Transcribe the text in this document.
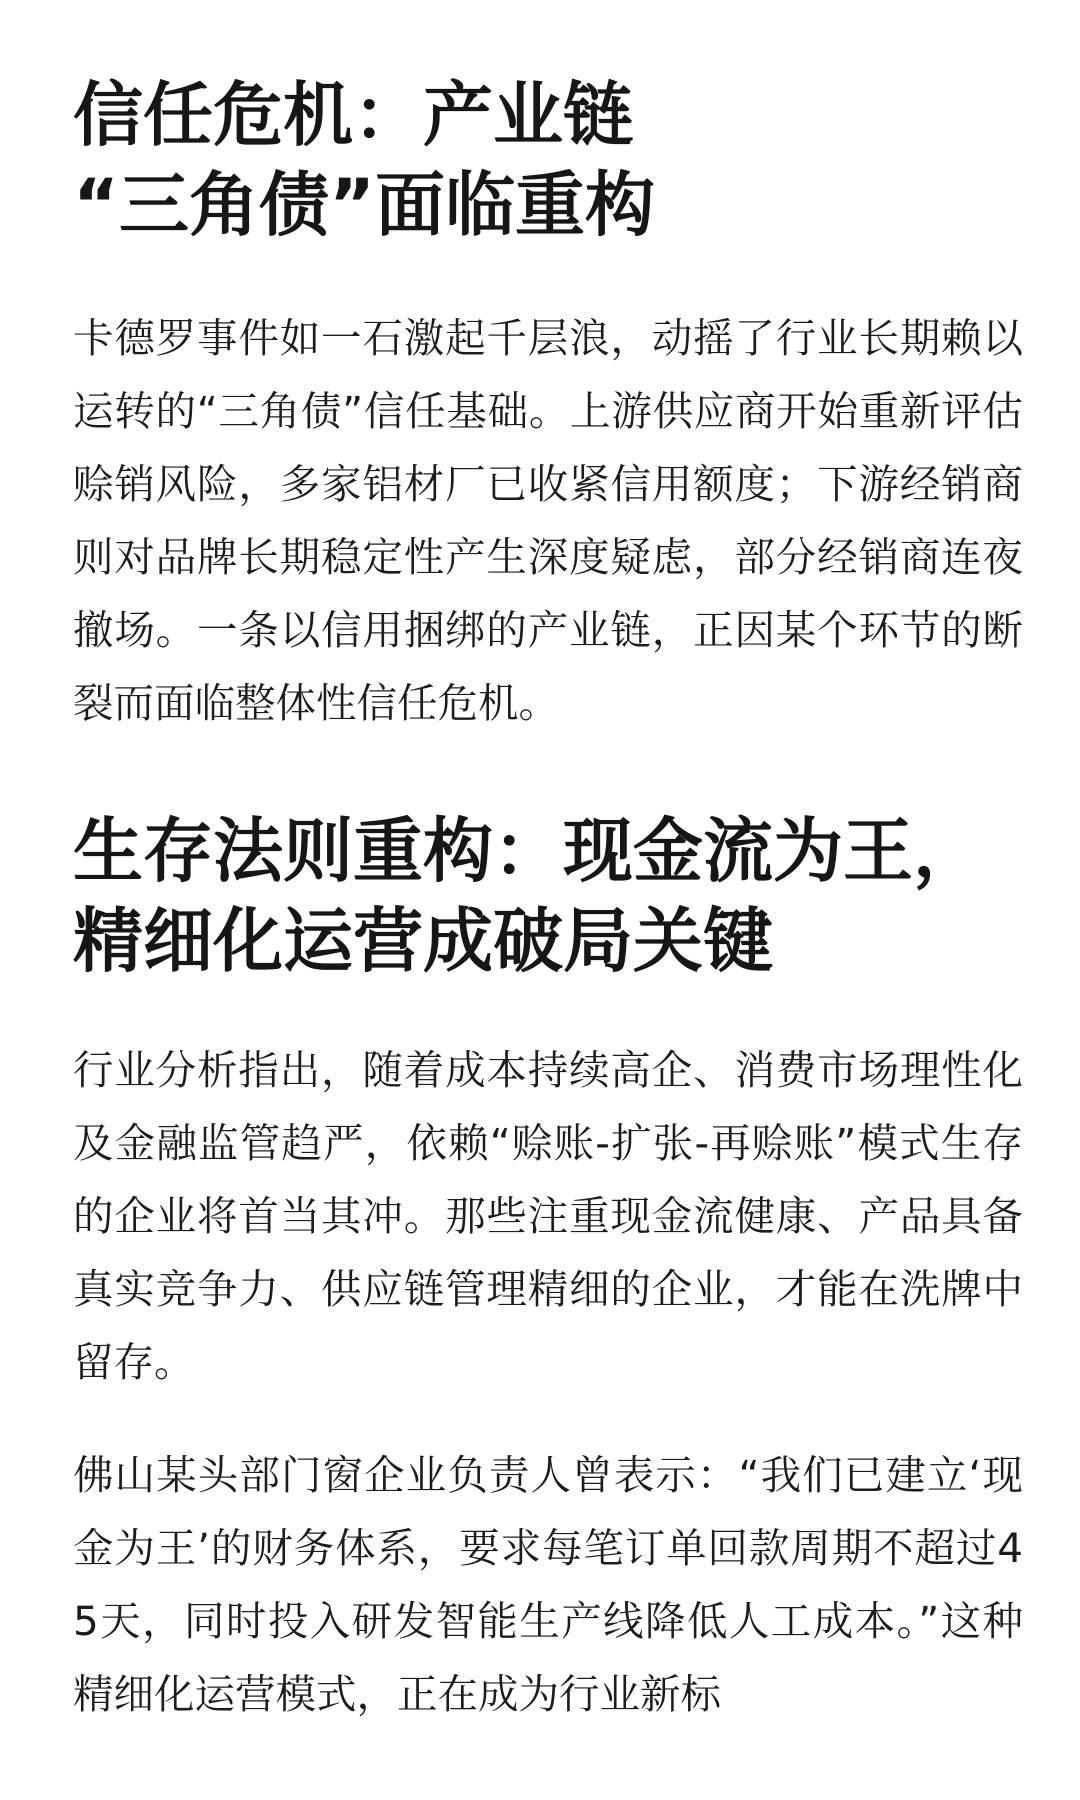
信任危机：产业链
“三角债”面临重构

卡德罗事件如一石激起千层浪，动摇了行业长期赖以运转的“三角债”信任基础。上游供应商开始重新评估赊销风险，多家铝材厂已收紧信用额度；下游经销商则对品牌长期稳定性产生深度疑虑，部分经销商连夜撤场。一条以信用捆绑的产业链，正因某个环节的断裂而面临整体性信任危机。

生存法则重构：现金流为王，
精细化运营成破局关键

行业分析指出，随着成本持续高企、消费市场理性化及金融监管趋严，依赖“赊账-扩张-再赊账”模式生存的企业将首当其冲。那些注重现金流健康、产品具备真实竞争力、供应链管理精细的企业，才能在洗牌中留存。

佛山某头部门窗企业负责人曾表示：“我们已建立‘现金为王’的财务体系，要求每笔订单回款周期不超过45天，同时投入研发智能生产线降低人工成本。”这种精细化运营模式，正在成为行业新标
